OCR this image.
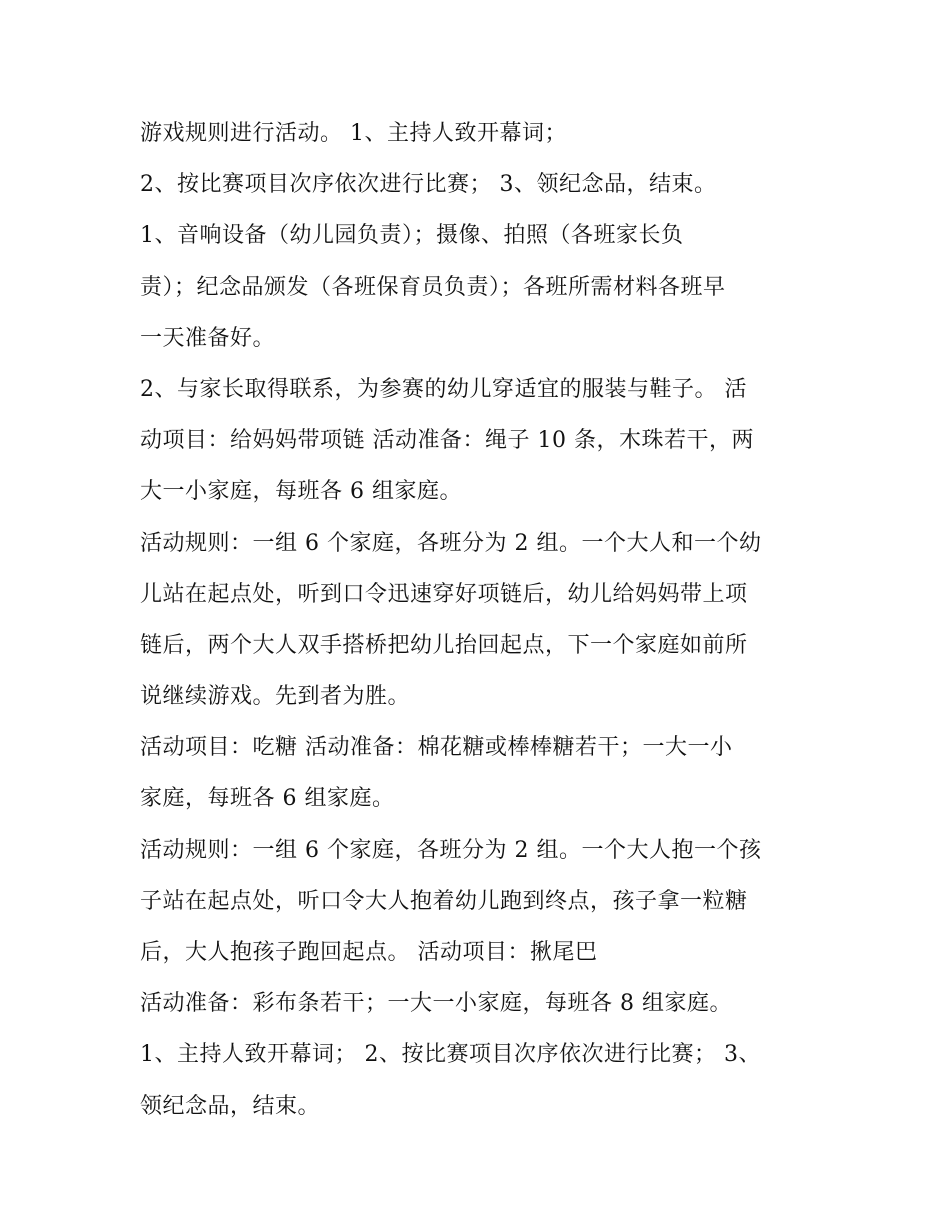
游戏规则进行活动。 1、主持人致开幕词；
2、按比赛项目次序依次进行比赛； 3、领纪念品，结束。
1、音响设备（幼儿园负责）；摄像、拍照（各班家长负
责）；纪念品颁发（各班保育员负责）；各班所需材料各班早
一天准备好。
2、与家长取得联系，为参赛的幼儿穿适宜的服装与鞋子。 活
动项目：给妈妈带项链 活动准备：绳子 10 条，木珠若干，两
大一小家庭，每班各 6 组家庭。
活动规则：一组 6 个家庭，各班分为 2 组。一个大人和一个幼
儿站在起点处，听到口令迅速穿好项链后，幼儿给妈妈带上项
链后，两个大人双手搭桥把幼儿抬回起点，下一个家庭如前所
说继续游戏。先到者为胜。
活动项目：吃糖 活动准备：棉花糖或棒棒糖若干；一大一小
家庭，每班各 6 组家庭。
活动规则：一组 6 个家庭，各班分为 2 组。一个大人抱一个孩
子站在起点处，听口令大人抱着幼儿跑到终点，孩子拿一粒糖
后，大人抱孩子跑回起点。 活动项目：揪尾巴
活动准备：彩布条若干；一大一小家庭，每班各 8 组家庭。
1、主持人致开幕词； 2、按比赛项目次序依次进行比赛； 3、
领纪念品，结束。
